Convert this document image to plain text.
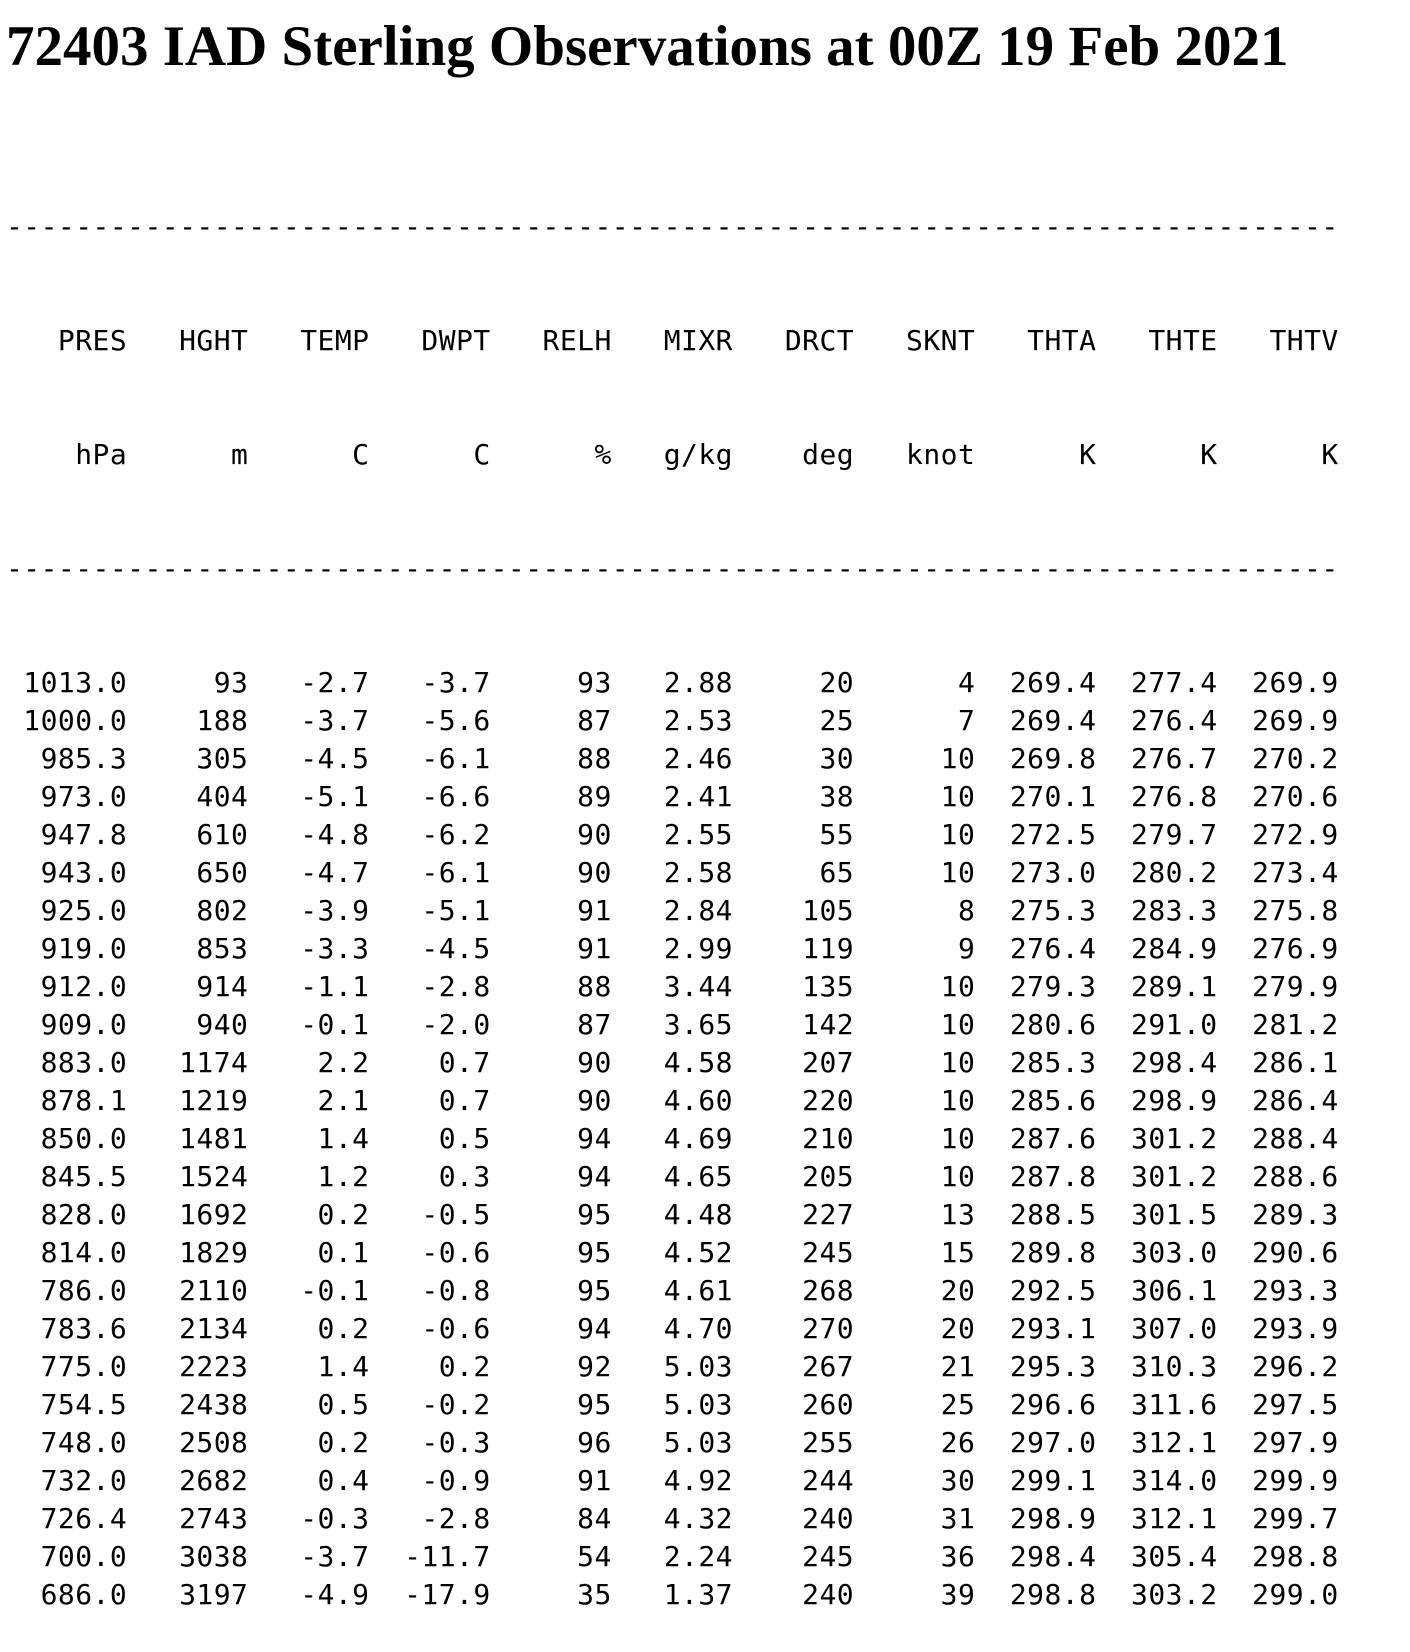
72403 IAD Sterling Observations at 00Z 19 Feb 2021

-----------------------------------------------------------------------------

PRES   HGHT   TEMP   DWPT   RELH   MIXR   DRCT   SKNT   THTA   THTE   THTV

hPa      m      C      C      %   g/kg    deg   knot      K      K      K

-----------------------------------------------------------------------------

1013.0     93   -2.7   -3.7     93   2.88     20      4  269.4  277.4  269.9
1000.0    188   -3.7   -5.6     87   2.53     25      7  269.4  276.4  269.9
985.3    305   -4.5   -6.1     88   2.46     30     10  269.8  276.7  270.2
973.0    404   -5.1   -6.6     89   2.41     38     10  270.1  276.8  270.6
947.8    610   -4.8   -6.2     90   2.55     55     10  272.5  279.7  272.9
943.0    650   -4.7   -6.1     90   2.58     65     10  273.0  280.2  273.4
925.0    802   -3.9   -5.1     91   2.84    105      8  275.3  283.3  275.8
919.0    853   -3.3   -4.5     91   2.99    119      9  276.4  284.9  276.9
912.0    914   -1.1   -2.8     88   3.44    135     10  279.3  289.1  279.9
909.0    940   -0.1   -2.0     87   3.65    142     10  280.6  291.0  281.2
883.0   1174    2.2    0.7     90   4.58    207     10  285.3  298.4  286.1
878.1   1219    2.1    0.7     90   4.60    220     10  285.6  298.9  286.4
850.0   1481    1.4    0.5     94   4.69    210     10  287.6  301.2  288.4
845.5   1524    1.2    0.3     94   4.65    205     10  287.8  301.2  288.6
828.0   1692    0.2   -0.5     95   4.48    227     13  288.5  301.5  289.3
814.0   1829    0.1   -0.6     95   4.52    245     15  289.8  303.0  290.6
786.0   2110   -0.1   -0.8     95   4.61    268     20  292.5  306.1  293.3
783.6   2134    0.2   -0.6     94   4.70    270     20  293.1  307.0  293.9
775.0   2223    1.4    0.2     92   5.03    267     21  295.3  310.3  296.2
754.5   2438    0.5   -0.2     95   5.03    260     25  296.6  311.6  297.5
748.0   2508    0.2   -0.3     96   5.03    255     26  297.0  312.1  297.9
732.0   2682    0.4   -0.9     91   4.92    244     30  299.1  314.0  299.9
726.4   2743   -0.3   -2.8     84   4.32    240     31  298.9  312.1  299.7
700.0   3038   -3.7  -11.7     54   2.24    245     36  298.4  305.4  298.8
686.0   3197   -4.9  -17.9     35   1.37    240     39  298.8  303.2  299.0
